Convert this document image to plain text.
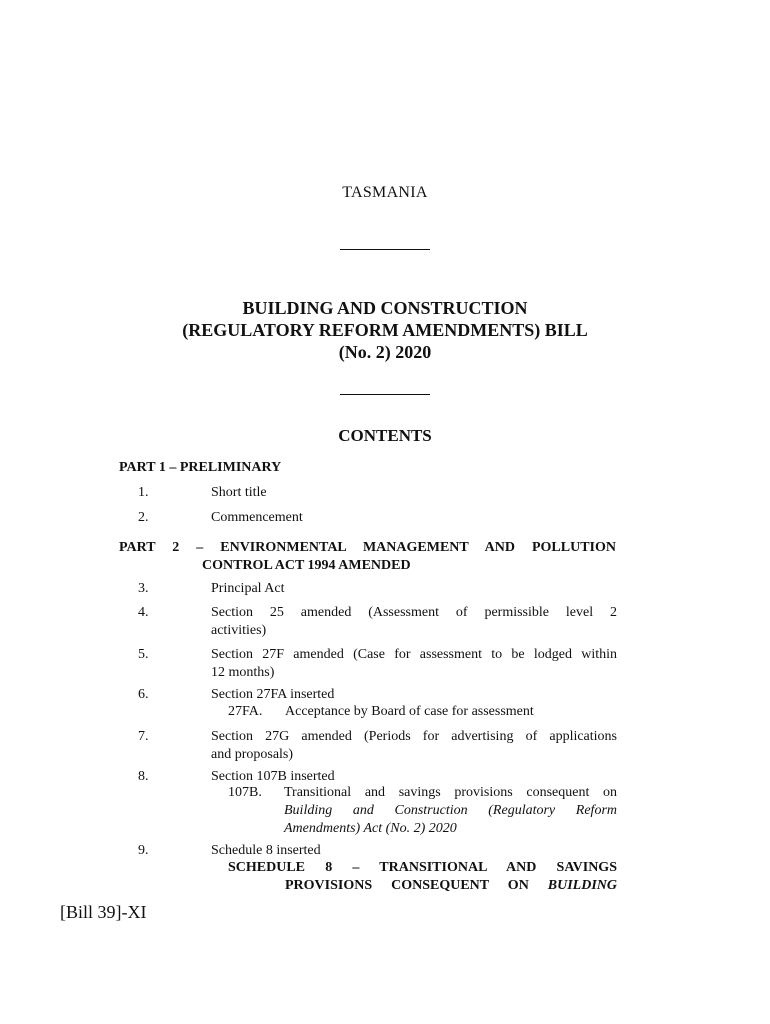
TASMANIA
BUILDING AND CONSTRUCTION
(REGULATORY REFORM AMENDMENTS) BILL
(No. 2) 2020
CONTENTS
PART 1 – PRELIMINARY
1.	Short title
2.	Commencement
PART 2 – ENVIRONMENTAL MANAGEMENT AND POLLUTION
CONTROL ACT 1994 AMENDED
3.	Principal Act
4.	Section 25 amended (Assessment of permissible level 2
activities)
5.	Section 27F amended (Case for assessment to be lodged within
12 months)
6.	Section 27FA inserted
27FA. Acceptance by Board of case for assessment
7.	Section 27G amended (Periods for advertising of applications
and proposals)
8.	Section 107B inserted
107B. Transitional and savings provisions consequent on
Building and Construction (Regulatory Reform
Amendments) Act (No. 2) 2020
9.	Schedule 8 inserted
SCHEDULE 8 – TRANSITIONAL AND SAVINGS
PROVISIONS CONSEQUENT ON BUILDING
[Bill 39]-XI
